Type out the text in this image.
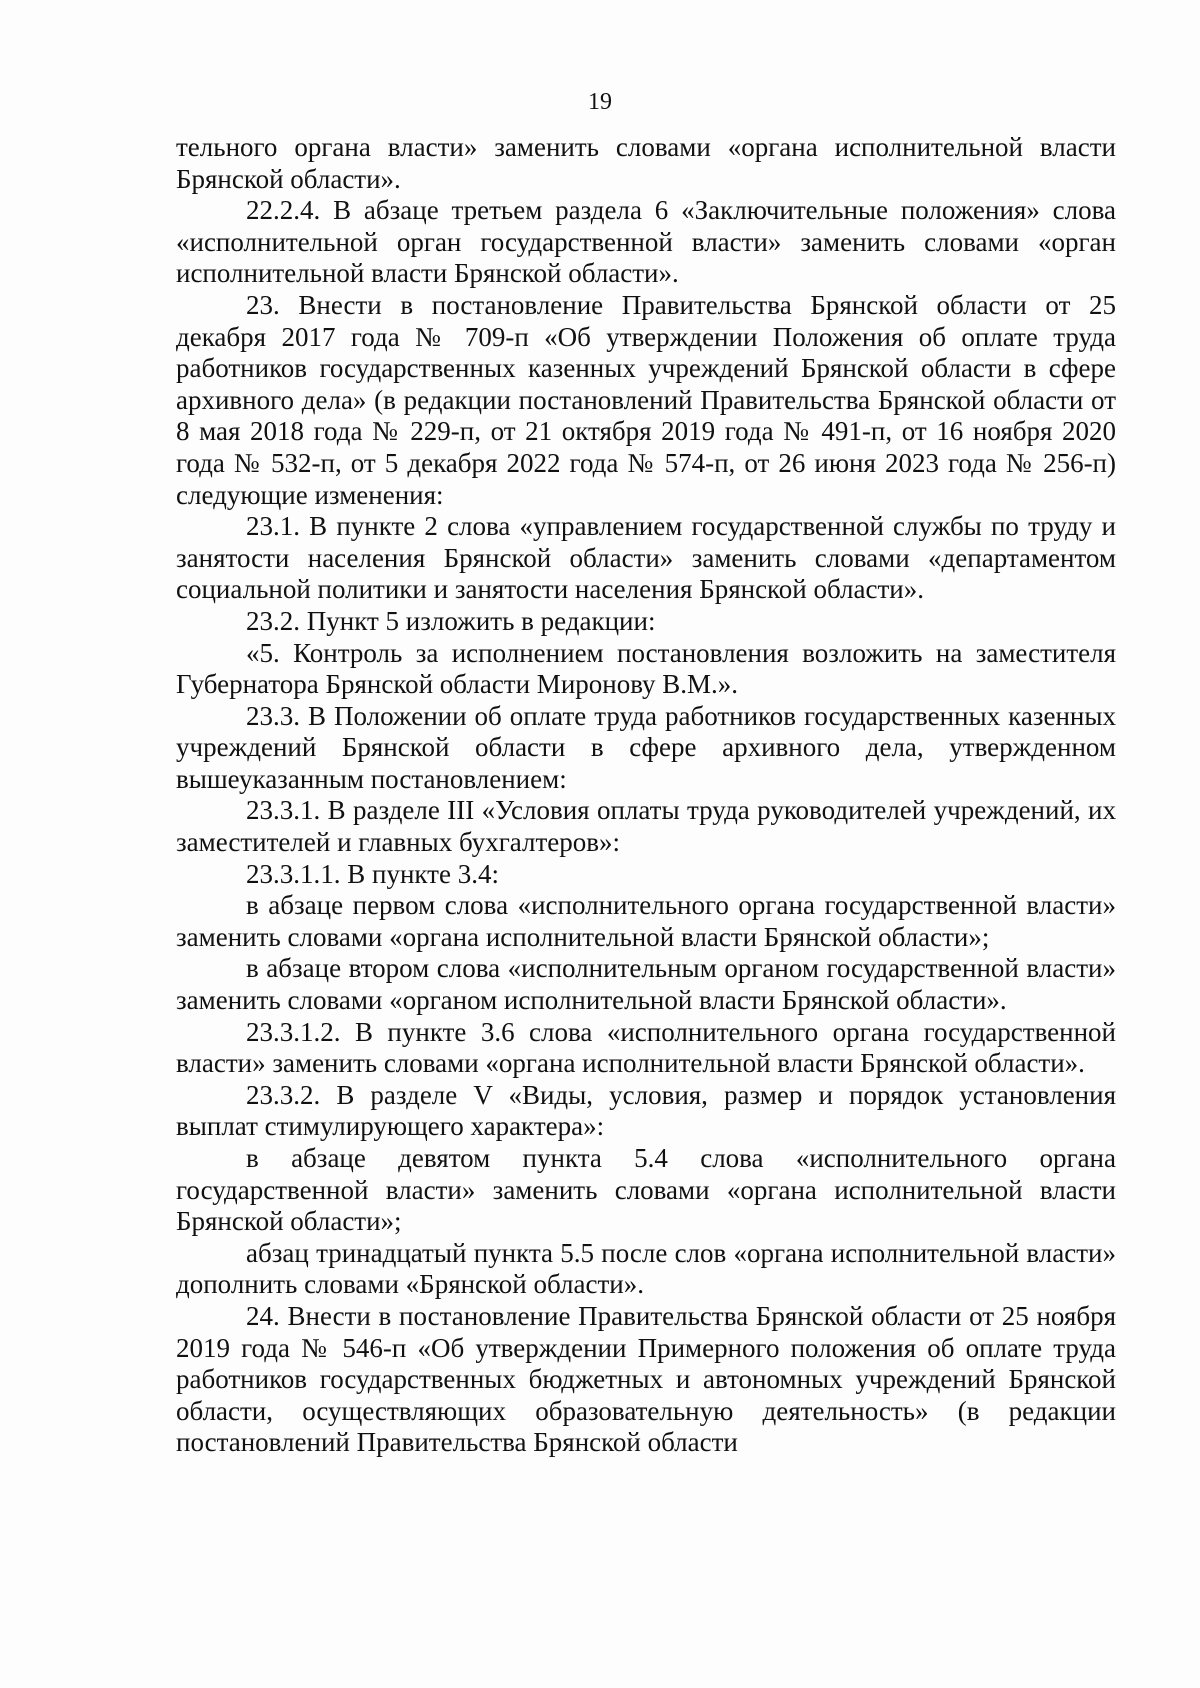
19

тельного органа власти» заменить словами «органа исполнительной власти Брянской области».

22.2.4. В абзаце третьем раздела 6 «Заключительные положения» слова «исполнительной орган государственной власти» заменить словами «орган исполнительной власти Брянской области».

23. Внести в постановление Правительства Брянской области от 25 декабря 2017 года № 709-п «Об утверждении Положения об оплате труда работников государственных казенных учреждений Брянской области в сфере архивного дела» (в редакции постановлений Правительства Брянской области от 8 мая 2018 года № 229-п, от 21 октября 2019 года № 491-п, от 16 ноября 2020 года № 532-п, от 5 декабря 2022 года № 574-п, от 26 июня 2023 года № 256-п) следующие изменения:

23.1. В пункте 2 слова «управлением государственной службы по труду и занятости населения Брянской области» заменить словами «департаментом социальной политики и занятости населения Брянской области».

23.2. Пункт 5 изложить в редакции:

«5. Контроль за исполнением постановления возложить на заместителя Губернатора Брянской области Миронову В.М.».

23.3. В Положении об оплате труда работников государственных казенных учреждений Брянской области в сфере архивного дела, утвержденном вышеуказанным постановлением:

23.3.1. В разделе III «Условия оплаты труда руководителей учреждений, их заместителей и главных бухгалтеров»:

23.3.1.1. В пункте 3.4:

в абзаце первом слова «исполнительного органа государственной власти» заменить словами «органа исполнительной власти Брянской области»;

в абзаце втором слова «исполнительным органом государственной власти» заменить словами «органом исполнительной власти Брянской области».

23.3.1.2. В пункте 3.6 слова «исполнительного органа государственной власти» заменить словами «органа исполнительной власти Брянской области».

23.3.2. В разделе V «Виды, условия, размер и порядок установления выплат стимулирующего характера»:

в абзаце девятом пункта 5.4 слова «исполнительного органа государственной власти» заменить словами «органа исполнительной власти Брянской области»;

абзац тринадцатый пункта 5.5 после слов «органа исполнительной власти» дополнить словами «Брянской области».

24. Внести в постановление Правительства Брянской области от 25 ноября 2019 года № 546-п «Об утверждении Примерного положения об оплате труда работников государственных бюджетных и автономных учреждений Брянской области, осуществляющих образовательную деятельность» (в редакции постановлений Правительства Брянской области
